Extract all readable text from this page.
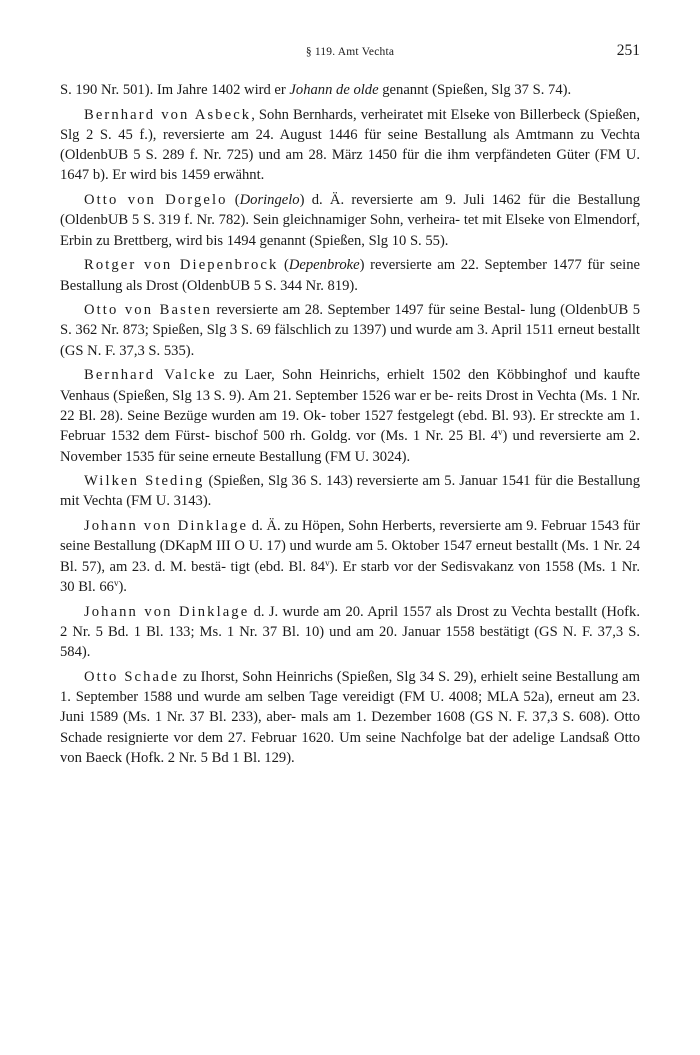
§ 119. Amt Vechta	251

S. 190 Nr. 501). Im Jahre 1402 wird er Johann de olde genannt (Spießen, Slg 37 S. 74).

Bernhard von Asbeck, Sohn Bernhards, verheiratet mit Elseke von Billerbeck (Spießen, Slg 2 S. 45 f.), reversierte am 24. August 1446 für seine Bestallung als Amtmann zu Vechta (OldenbUB 5 S. 289 f. Nr. 725) und am 28. März 1450 für die ihm verpfändeten Güter (FM U. 1647 b). Er wird bis 1459 erwähnt.

Otto von Dorgelo (Doringelo) d. Ä. reversierte am 9. Juli 1462 für die Bestallung (OldenbUB 5 S. 319 f. Nr. 782). Sein gleichnamiger Sohn, verheira- tet mit Elseke von Elmendorf, Erbin zu Brettberg, wird bis 1494 genannt (Spießen, Slg 10 S. 55).

Rotger von Diepenbrock (Depenbroke) reversierte am 22. September 1477 für seine Bestallung als Drost (OldenbUB 5 S. 344 Nr. 819).

Otto von Basten reversierte am 28. September 1497 für seine Bestal- lung (OldenbUB 5 S. 362 Nr. 873; Spießen, Slg 3 S. 69 fälschlich zu 1397) und wurde am 3. April 1511 erneut bestallt (GS N. F. 37,3 S. 535).

Bernhard Valcke zu Laer, Sohn Heinrichs, erhielt 1502 den Köbbinghof und kaufte Venhaus (Spießen, Slg 13 S. 9). Am 21. September 1526 war er be- reits Drost in Vechta (Ms. 1 Nr. 22 Bl. 28). Seine Bezüge wurden am 19. Ok- tober 1527 festgelegt (ebd. Bl. 93). Er streckte am 1. Februar 1532 dem Fürst- bischof 500 rh. Goldg. vor (Ms. 1 Nr. 25 Bl. 4$^v$) und reversierte am 2. November 1535 für seine erneute Bestallung (FM U. 3024).

Wilken Steding (Spießen, Slg 36 S. 143) reversierte am 5. Januar 1541 für die Bestallung mit Vechta (FM U. 3143).

Johann von Dinklage d. Ä. zu Höpen, Sohn Herberts, reversierte am 9. Februar 1543 für seine Bestallung (DKapM III O U. 17) und wurde am 5. Oktober 1547 erneut bestallt (Ms. 1 Nr. 24 Bl. 57), am 23. d. M. bestä- tigt (ebd. Bl. 84$^v$). Er starb vor der Sedisvakanz von 1558 (Ms. 1 Nr. 30 Bl. 66$^v$).

Johann von Dinklage d. J. wurde am 20. April 1557 als Drost zu Vechta bestallt (Hofk. 2 Nr. 5 Bd. 1 Bl. 133; Ms. 1 Nr. 37 Bl. 10) und am 20. Januar 1558 bestätigt (GS N. F. 37,3 S. 584).

Otto Schade zu Ihorst, Sohn Heinrichs (Spießen, Slg 34 S. 29), erhielt seine Bestallung am 1. September 1588 und wurde am selben Tage vereidigt (FM U. 4008; MLA 52a), erneut am 23. Juni 1589 (Ms. 1 Nr. 37 Bl. 233), aber- mals am 1. Dezember 1608 (GS N. F. 37,3 S. 608). Otto Schade resignierte vor dem 27. Februar 1620. Um seine Nachfolge bat der adelige Landsaß Otto von Baeck (Hofk. 2 Nr. 5 Bd 1 Bl. 129).
